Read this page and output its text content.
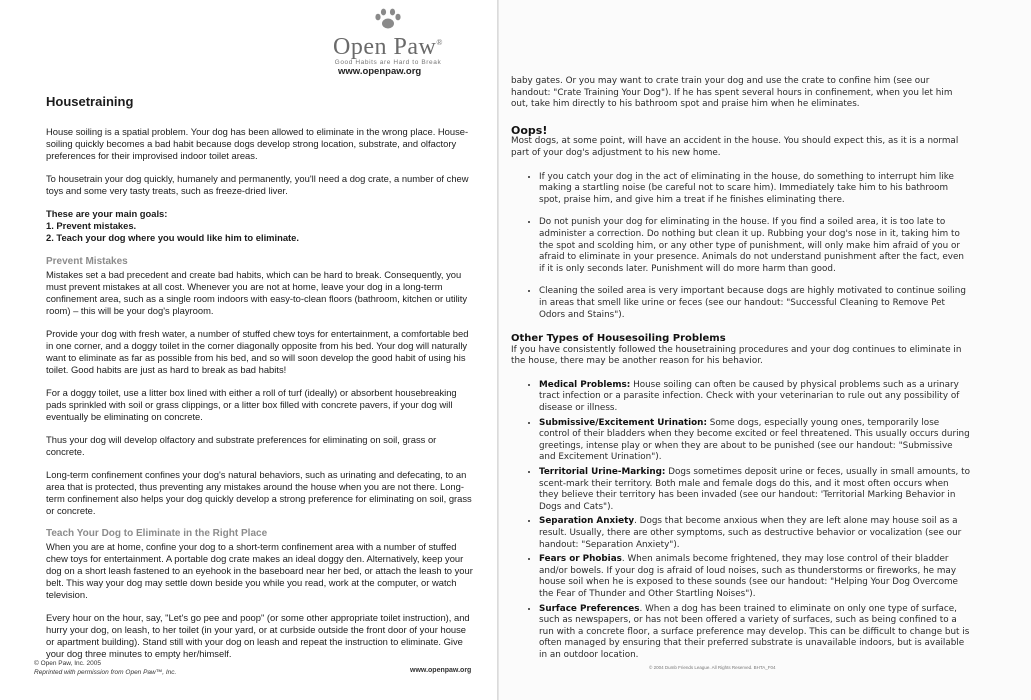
Open Paw®
Good Habits are Hard to Break
www.openpaw.org
Housetraining

House soiling is a spatial problem. Your dog has been allowed to eliminate in the wrong place. House-soiling quickly becomes a bad habit because dogs develop strong location, substrate, and olfactory preferences for their improvised indoor toilet areas.

To housetrain your dog quickly, humanely and permanently, you'll need a dog crate, a number of chew toys and some very tasty treats, such as freeze-dried liver.

These are your main goals:
1. Prevent mistakes.
2. Teach your dog where you would like him to eliminate.
Prevent Mistakes

Mistakes set a bad precedent and create bad habits, which can be hard to break. Consequently, you must prevent mistakes at all cost. Whenever you are not at home, leave your dog in a long-term confinement area, such as a single room indoors with easy-to-clean floors (bathroom, kitchen or utility room) – this will be your dog's playroom.

Provide your dog with fresh water, a number of stuffed chew toys for entertainment, a comfortable bed in one corner, and a doggy toilet in the corner diagonally opposite from his bed. Your dog will naturally want to eliminate as far as possible from his bed, and so will soon develop the good habit of using his toilet. Good habits are just as hard to break as bad habits!

For a doggy toilet, use a litter box lined with either a roll of turf (ideally) or absorbent housebreaking pads sprinkled with soil or grass clippings, or a litter box filled with concrete pavers, if your dog will eventually be eliminating on concrete.

Thus your dog will develop olfactory and substrate preferences for eliminating on soil, grass or concrete.

Long-term confinement confines your dog's natural behaviors, such as urinating and defecating, to an area that is protected, thus preventing any mistakes around the house when you are not there. Long-term confinement also helps your dog quickly develop a strong preference for eliminating on soil, grass or concrete.

Teach Your Dog to Eliminate in the Right Place

When you are at home, confine your dog to a short-term confinement area with a number of stuffed chew toys for entertainment. A portable dog crate makes an ideal doggy den. Alternatively, keep your dog on a short leash fastened to an eyehook in the baseboard near her bed, or attach the leash to your belt. This way your dog may settle down beside you while you read, work at the computer, or watch television.

Every hour on the hour, say, "Let's go pee and poop" (or some other appropriate toilet instruction), and hurry your dog, on leash, to her toilet (in your yard, or at curbside outside the front door of your house or apartment building). Stand still with your dog on leash and repeat the instruction to eliminate. Give your dog three minutes to empty her/himself.

© Open Paw, Inc. 2005
Reprinted with permission from Open Paw™, Inc.	www.openpaw.org

baby gates. Or you may want to crate train your dog and use the crate to confine him (see our handout: "Crate Training Your Dog"). If he has spent several hours in confinement, when you let him out, take him directly to his bathroom spot and praise him when he eliminates.

Oops!

Most dogs, at some point, will have an accident in the house. You should expect this, as it is a normal part of your dog's adjustment to his new home.

• If you catch your dog in the act of eliminating in the house, do something to interrupt him like making a startling noise (be careful not to scare him). Immediately take him to his bathroom spot, praise him, and give him a treat if he finishes eliminating there.
• Do not punish your dog for eliminating in the house. If you find a soiled area, it is too late to administer a correction. Do nothing but clean it up. Rubbing your dog's nose in it, taking him to the spot and scolding him, or any other type of punishment, will only make him afraid of you or afraid to eliminate in your presence. Animals do not understand punishment after the fact, even if it is only seconds later. Punishment will do more harm than good.
• Cleaning the soiled area is very important because dogs are highly motivated to continue soiling in areas that smell like urine or feces (see our handout: "Successful Cleaning to Remove Pet Odors and Stains").
Other Types of Housesoiling Problems

If you have consistently followed the housetraining procedures and your dog continues to eliminate in the house, there may be another reason for his behavior.

• Medical Problems: House soiling can often be caused by physical problems such as a urinary tract infection or a parasite infection. Check with your veterinarian to rule out any possibility of disease or illness.
• Submissive/Excitement Urination: Some dogs, especially young ones, temporarily lose control of their bladders when they become excited or feel threatened. This usually occurs during greetings, intense play or when they are about to be punished (see our handout: "Submissive and Excitement Urination").
• Territorial Urine-Marking: Dogs sometimes deposit urine or feces, usually in small amounts, to scent-mark their territory. Both male and female dogs do this, and it most often occurs when they believe their territory has been invaded (see our handout: 'Territorial Marking Behavior in Dogs and Cats").
• Separation Anxiety. Dogs that become anxious when they are left alone may house soil as a result. Usually, there are other symptoms, such as destructive behavior or vocalization (see our handout: "Separation Anxiety").
• Fears or Phobias. When animals become frightened, they may lose control of their bladder and/or bowels. If your dog is afraid of loud noises, such as thunderstorms or fireworks, he may house soil when he is exposed to these sounds (see our handout: "Helping Your Dog Overcome the Fear of Thunder and Other Startling Noises").
• Surface Preferences. When a dog has been trained to eliminate on only one type of surface, such as newspapers, or has not been offered a variety of surfaces, such as being confined to a run with a concrete floor, a surface preference may develop. This can be difficult to change but is often managed by ensuring that their preferred substrate is unavailable indoors, but is available in an outdoor location.
© 2004 Dumb Friends League. All Rights Reserved. BHTA_F04
